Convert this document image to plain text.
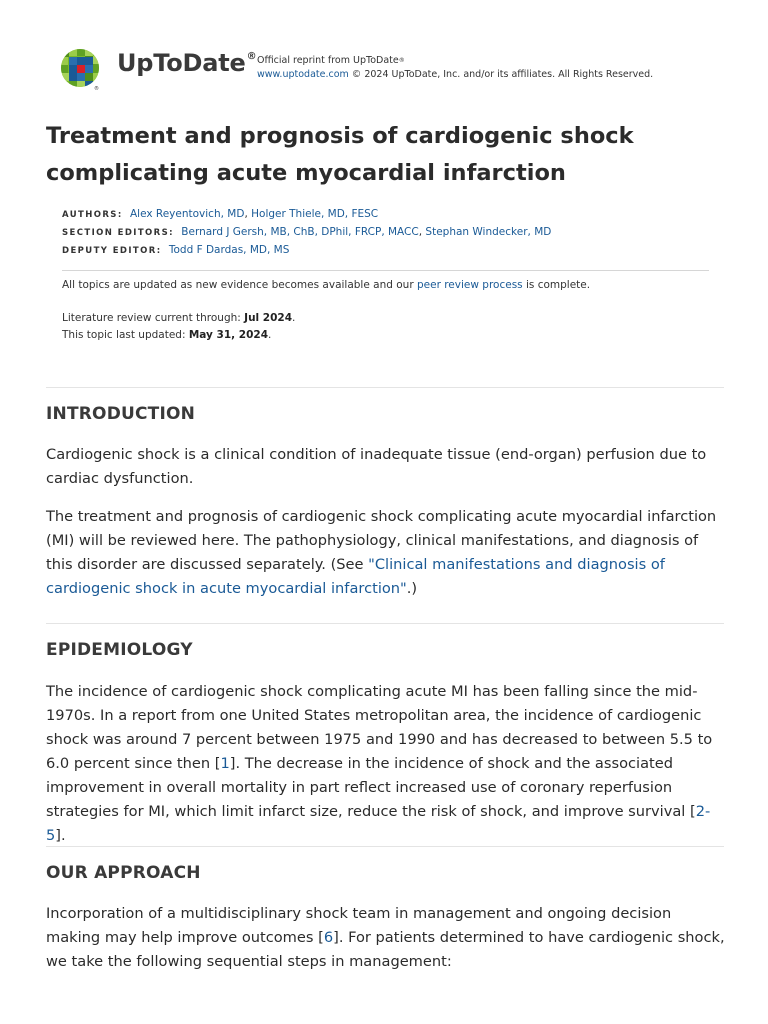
®
UpToDate® Official reprint from UpToDate®
www.uptodate.com © 2024 UpToDate, Inc. and/or its affiliates. All Rights Reserved.
Treatment and prognosis of cardiogenic shock complicating acute myocardial infarction
AUTHORS: Alex Reyentovich, MD, Holger Thiele, MD, FESC
SECTION EDITORS: Bernard J Gersh, MB, ChB, DPhil, FRCP, MACC, Stephan Windecker, MD
DEPUTY EDITOR: Todd F Dardas, MD, MS
All topics are updated as new evidence becomes available and our peer review process is complete.
Literature review current through: Jul 2024.
This topic last updated: May 31, 2024.
INTRODUCTION

Cardiogenic shock is a clinical condition of inadequate tissue (end-organ) perfusion due to cardiac dysfunction.

The treatment and prognosis of cardiogenic shock complicating acute myocardial infarction (MI) will be reviewed here. The pathophysiology, clinical manifestations, and diagnosis of this disorder are discussed separately. (See "Clinical manifestations and diagnosis of cardiogenic shock in acute myocardial infarction".)

EPIDEMIOLOGY

The incidence of cardiogenic shock complicating acute MI has been falling since the mid-1970s. In a report from one United States metropolitan area, the incidence of cardiogenic shock was around 7 percent between 1975 and 1990 and has decreased to between 5.5 to 6.0 percent since then [1]. The decrease in the incidence of shock and the associated improvement in overall mortality in part reflect increased use of coronary reperfusion strategies for MI, which limit infarct size, reduce the risk of shock, and improve survival [2-5].

OUR APPROACH

Incorporation of a multidisciplinary shock team in management and ongoing decision making may help improve outcomes [6]. For patients determined to have cardiogenic shock, we take the following sequential steps in management:
